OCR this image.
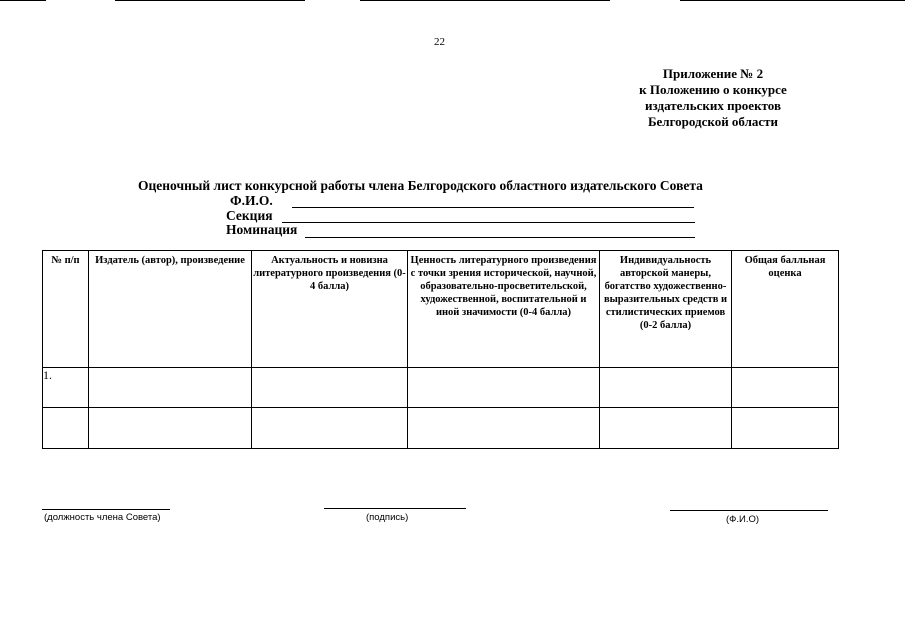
22
Приложение № 2
к Положению о конкурсе
издательских проектов
Белгородской области
Оценочный лист конкурсной работы члена Белгородского областного издательского Совета
Ф.И.О.
Секция
Номинация
№ п/п	Издатель (автор), произведение	Актуальность и новизна литературного произведения (0-4 балла)	Ценность литературного произведения с точки зрения исторической, научной, образовательно-просветительской, художественной, воспитательной и иной значимости (0-4 балла)	Индивидуальность авторской манеры, богатство художественно-выразительных средств и стилистических приемов (0-2 балла)	Общая балльная оценка
1.					

(должность члена Совета)	(подпись)	(Ф.И.О)
